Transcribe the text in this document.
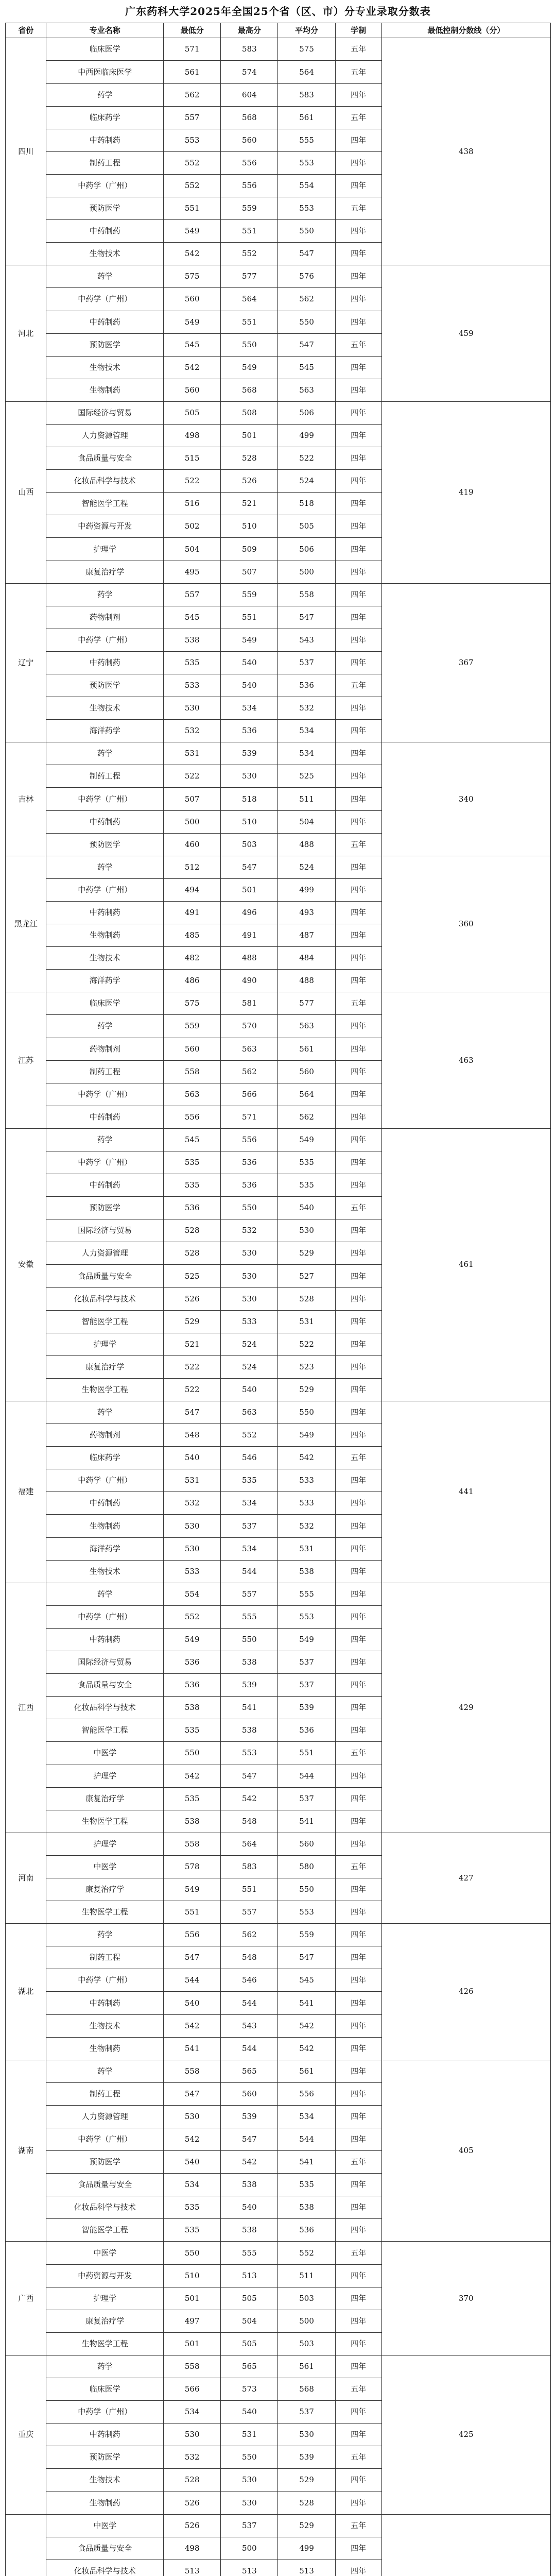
广东药科大学2025年全国25个省（区、市）分专业录取分数表
省份	专业名称	最低分	最高分	平均分	学制	最低控制分数线（分）
四川	临床医学	571	583	575	五年	438
	中西医临床医学	561	574	564	五年	
	药学	562	604	583	四年	
	临床药学	557	568	561	五年	
	中药制药	553	560	555	四年	
	制药工程	552	556	553	四年	
	中药学（广州）	552	556	554	四年	
	预防医学	551	559	553	五年	
	中药制药	549	551	550	四年	
	生物技术	542	552	547	四年	
河北	药学	575	577	576	四年	459
	中药学（广州）	560	564	562	四年	
	中药制药	549	551	550	四年	
	预防医学	545	550	547	五年	
	生物技术	542	549	545	四年	
	生物制药	560	568	563	四年	
山西	国际经济与贸易	505	508	506	四年	419
	人力资源管理	498	501	499	四年	
	食品质量与安全	515	528	522	四年	
	化妆品科学与技术	522	526	524	四年	
	智能医学工程	516	521	518	四年	
	中药资源与开发	502	510	505	四年	
	护理学	504	509	506	四年	
	康复治疗学	495	507	500	四年	
辽宁	药学	557	559	558	四年	367
	药物制剂	545	551	547	四年	
	中药学（广州）	538	549	543	四年	
	中药制药	535	540	537	四年	
	预防医学	533	540	536	五年	
	生物技术	530	534	532	四年	
	海洋药学	532	536	534	四年	
吉林	药学	531	539	534	四年	340
	制药工程	522	530	525	四年	
	中药学（广州）	507	518	511	四年	
	中药制药	500	510	504	四年	
	预防医学	460	503	488	五年	
黑龙江	药学	512	547	524	四年	360
	中药学（广州）	494	501	499	四年	
	中药制药	491	496	493	四年	
	生物制药	485	491	487	四年	
	生物技术	482	488	484	四年	
	海洋药学	486	490	488	四年	
江苏	临床医学	575	581	577	五年	463
	药学	559	570	563	四年	
	药物制剂	560	563	561	四年	
	制药工程	558	562	560	四年	
	中药学（广州）	563	566	564	四年	
	中药制药	556	571	562	四年	
安徽	药学	545	556	549	四年	461
	中药学（广州）	535	536	535	四年	
	中药制药	535	536	535	四年	
	预防医学	536	550	540	五年	
	国际经济与贸易	528	532	530	四年	
	人力资源管理	528	530	529	四年	
	食品质量与安全	525	530	527	四年	
	化妆品科学与技术	526	530	528	四年	
	智能医学工程	529	533	531	四年	
	护理学	521	524	522	四年	
	康复治疗学	522	524	523	四年	
	生物医学工程	522	540	529	四年	
福建	药学	547	563	550	四年	441
	药物制剂	548	552	549	四年	
	临床药学	540	546	542	五年	
	中药学（广州）	531	535	533	四年	
	中药制药	532	534	533	四年	
	生物制药	530	537	532	四年	
	海洋药学	530	534	531	四年	
	生物技术	533	544	538	四年	
江西	药学	554	557	555	四年	429
	中药学（广州）	552	555	553	四年	
	中药制药	549	550	549	四年	
	国际经济与贸易	536	538	537	四年	
	食品质量与安全	536	539	537	四年	
	化妆品科学与技术	538	541	539	四年	
	智能医学工程	535	538	536	四年	
	中医学	550	553	551	五年	
	护理学	542	547	544	四年	
	康复治疗学	535	542	537	四年	
	生物医学工程	538	548	541	四年	
河南	护理学	558	564	560	四年	427
	中医学	578	583	580	五年	
	康复治疗学	549	551	550	四年	
	生物医学工程	551	557	553	四年	
湖北	药学	556	562	559	四年	426
	制药工程	547	548	547	四年	
	中药学（广州）	544	546	545	四年	
	中药制药	540	544	541	四年	
	生物技术	542	543	542	四年	
	生物制药	541	544	542	四年	
湖南	药学	558	565	561	四年	405
	制药工程	547	560	556	四年	
	人力资源管理	530	539	534	四年	
	中药学（广州）	542	547	544	四年	
	预防医学	540	542	541	五年	
	食品质量与安全	534	538	535	四年	
	化妆品科学与技术	535	540	538	四年	
	智能医学工程	535	538	536	四年	
广西	中医学	550	555	552	五年	370
	中药资源与开发	510	513	511	四年	
	护理学	501	505	503	四年	
	康复治疗学	497	504	500	四年	
	生物医学工程	501	505	503	四年	
重庆	药学	558	565	561	四年	425
	临床医学	566	573	568	五年	
	中药学（广州）	534	540	537	四年	
	中药制药	530	531	530	四年	
	预防医学	532	550	539	五年	
	生物技术	528	530	529	四年	
	生物制药	526	530	528	四年	
	中医学	526	537	529	五年	
	食品质量与安全	498	500	499	四年	
	化妆品科学与技术	513	513	513	四年	
